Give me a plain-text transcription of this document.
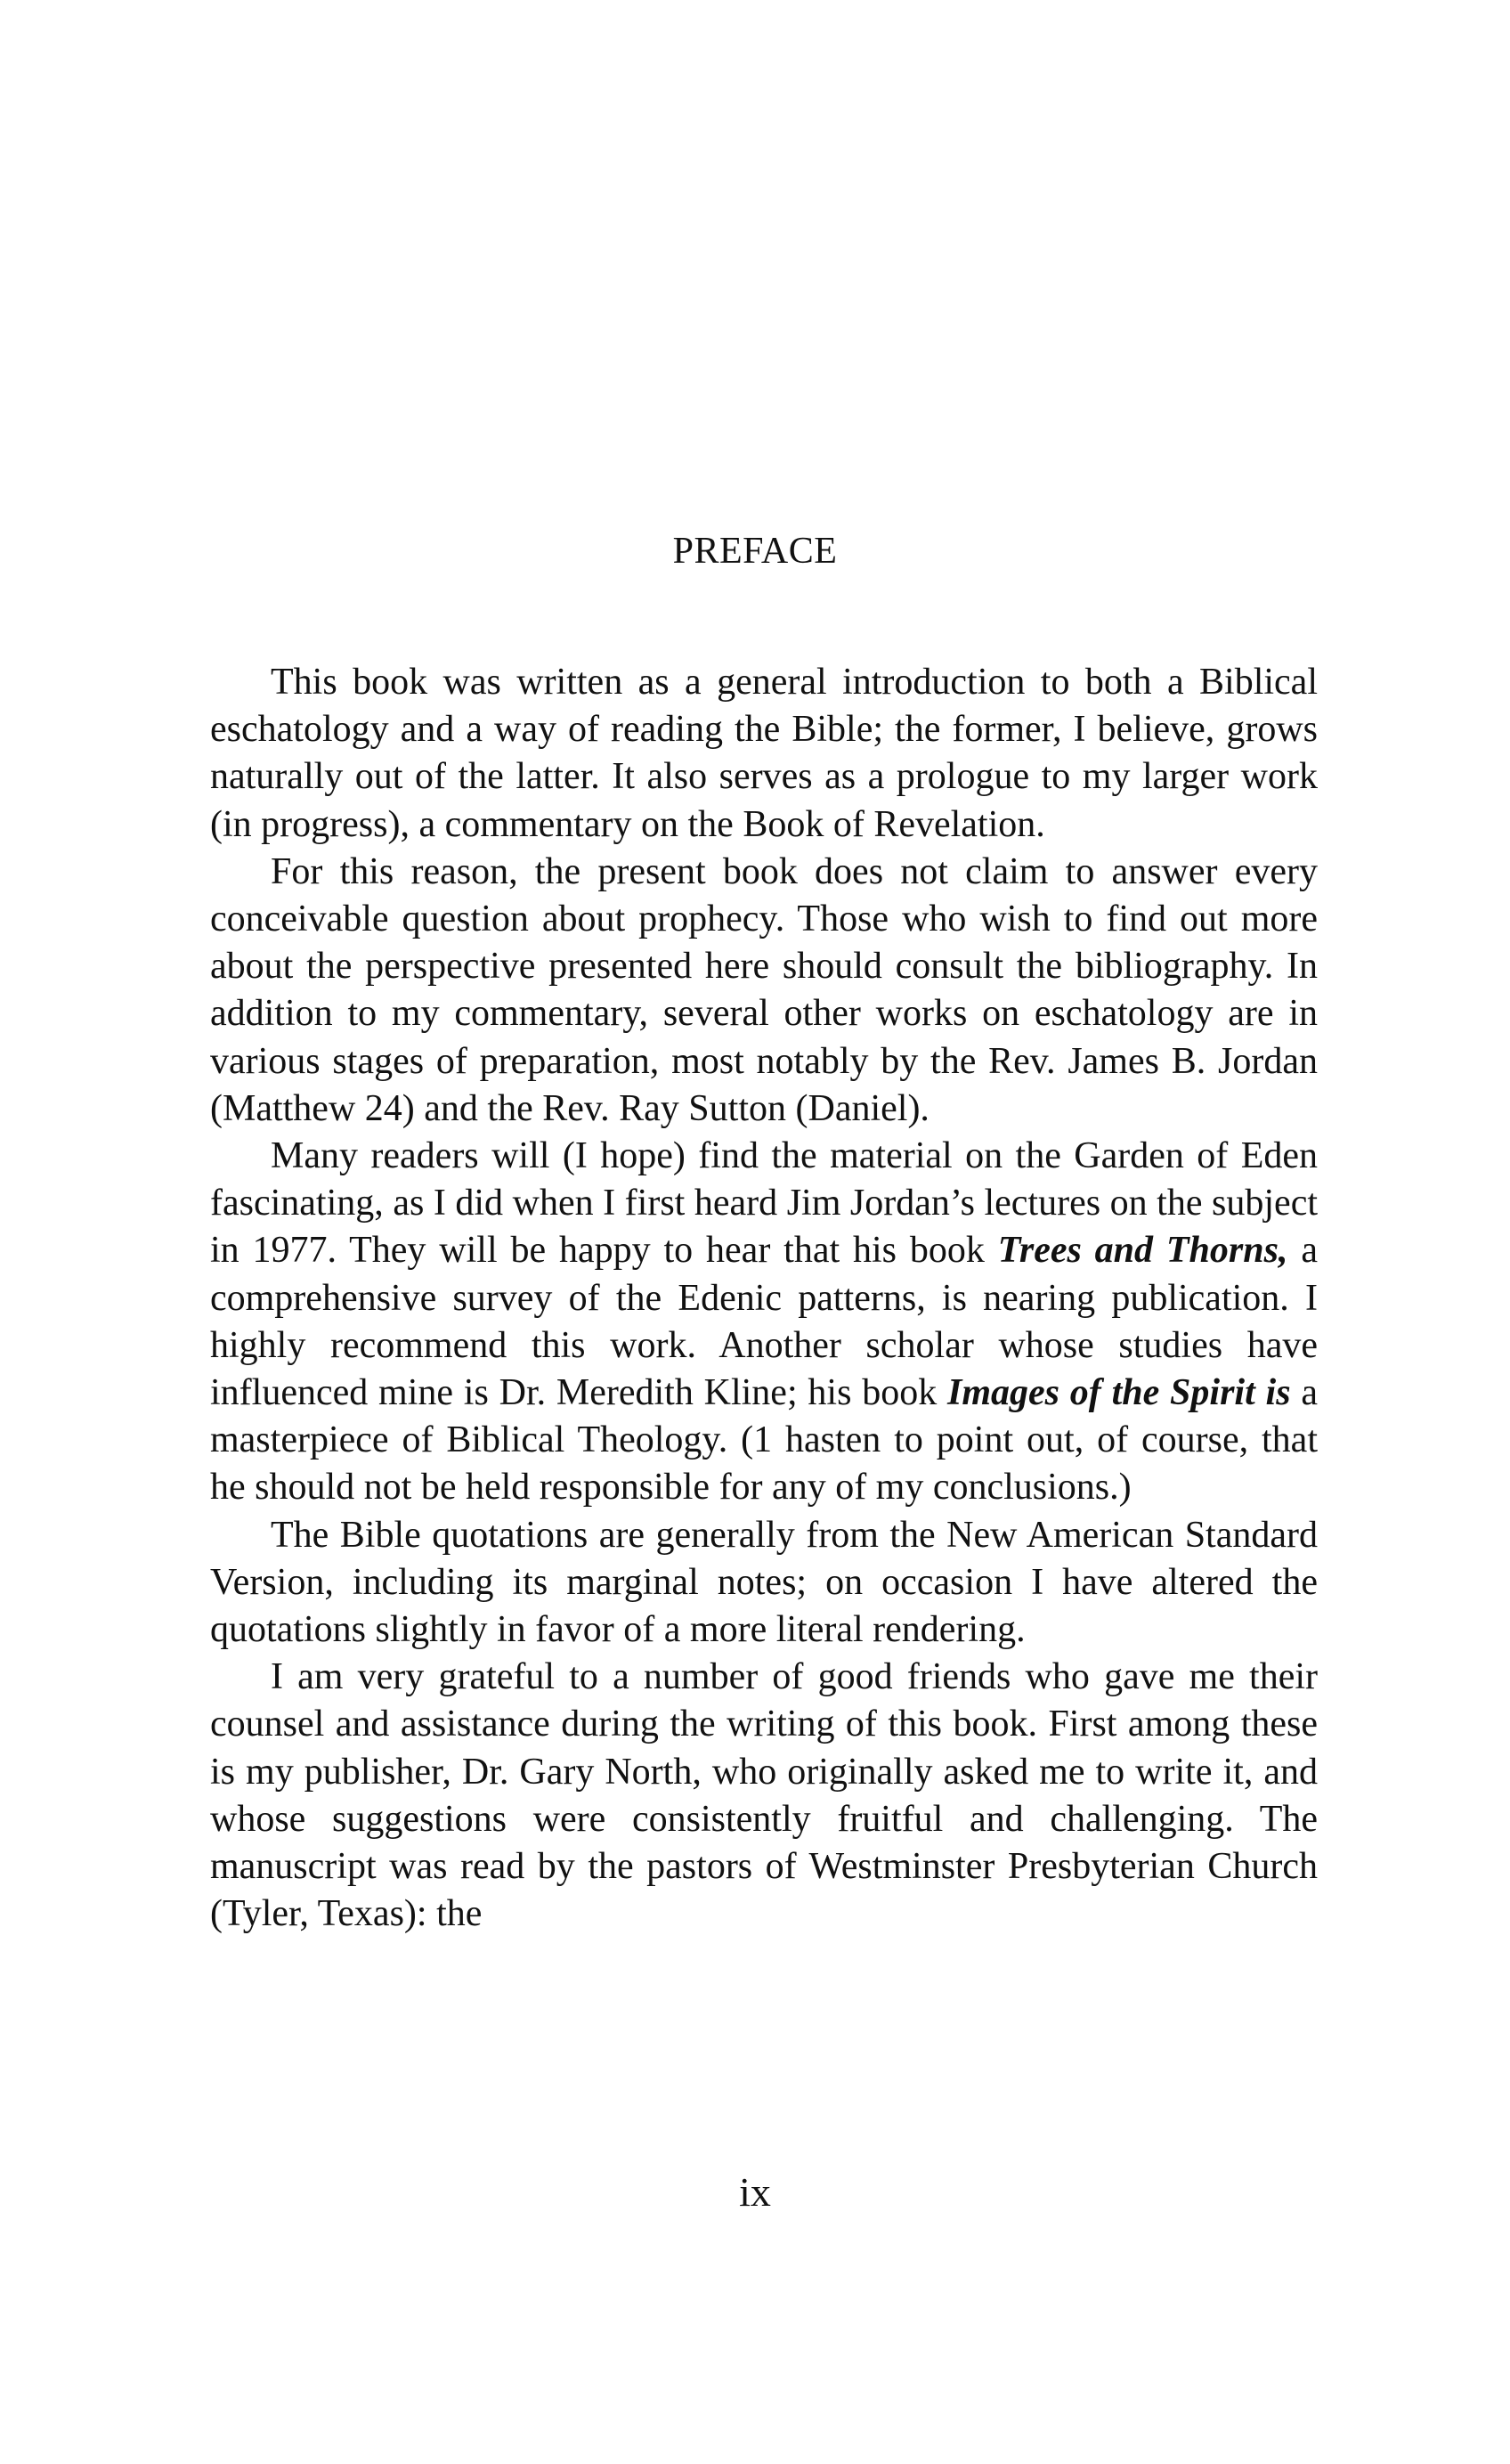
PREFACE

This book was written as a general introduction to both a Biblical eschatology and a way of reading the Bible; the former, I believe, grows naturally out of the latter. It also serves as a prologue to my larger work (in progress), a commentary on the Book of Revelation.

For this reason, the present book does not claim to answer every conceivable question about prophecy. Those who wish to find out more about the perspective presented here should consult the bibliography. In addition to my commentary, several other works on eschatology are in various stages of preparation, most notably by the Rev. James B. Jordan (Matthew 24) and the Rev. Ray Sutton (Daniel).

Many readers will (I hope) find the material on the Garden of Eden fascinating, as I did when I first heard Jim Jordan’s lectures on the subject in 1977. They will be happy to hear that his book Trees and Thorns, a comprehensive survey of the Edenic patterns, is nearing publication. I highly recommend this work. Another scholar whose studies have influenced mine is Dr. Meredith Kline; his book Images of the Spirit is a masterpiece of Biblical Theology. (1 hasten to point out, of course, that he should not be held responsible for any of my conclusions.)

The Bible quotations are generally from the New American Standard Version, including its marginal notes; on occasion I have altered the quotations slightly in favor of a more literal rendering.

I am very grateful to a number of good friends who gave me their counsel and assistance during the writing of this book. First among these is my publisher, Dr. Gary North, who originally asked me to write it, and whose suggestions were consistently fruitful and challenging. The manuscript was read by the pastors of Westminster Presbyterian Church (Tyler, Texas): the

ix
